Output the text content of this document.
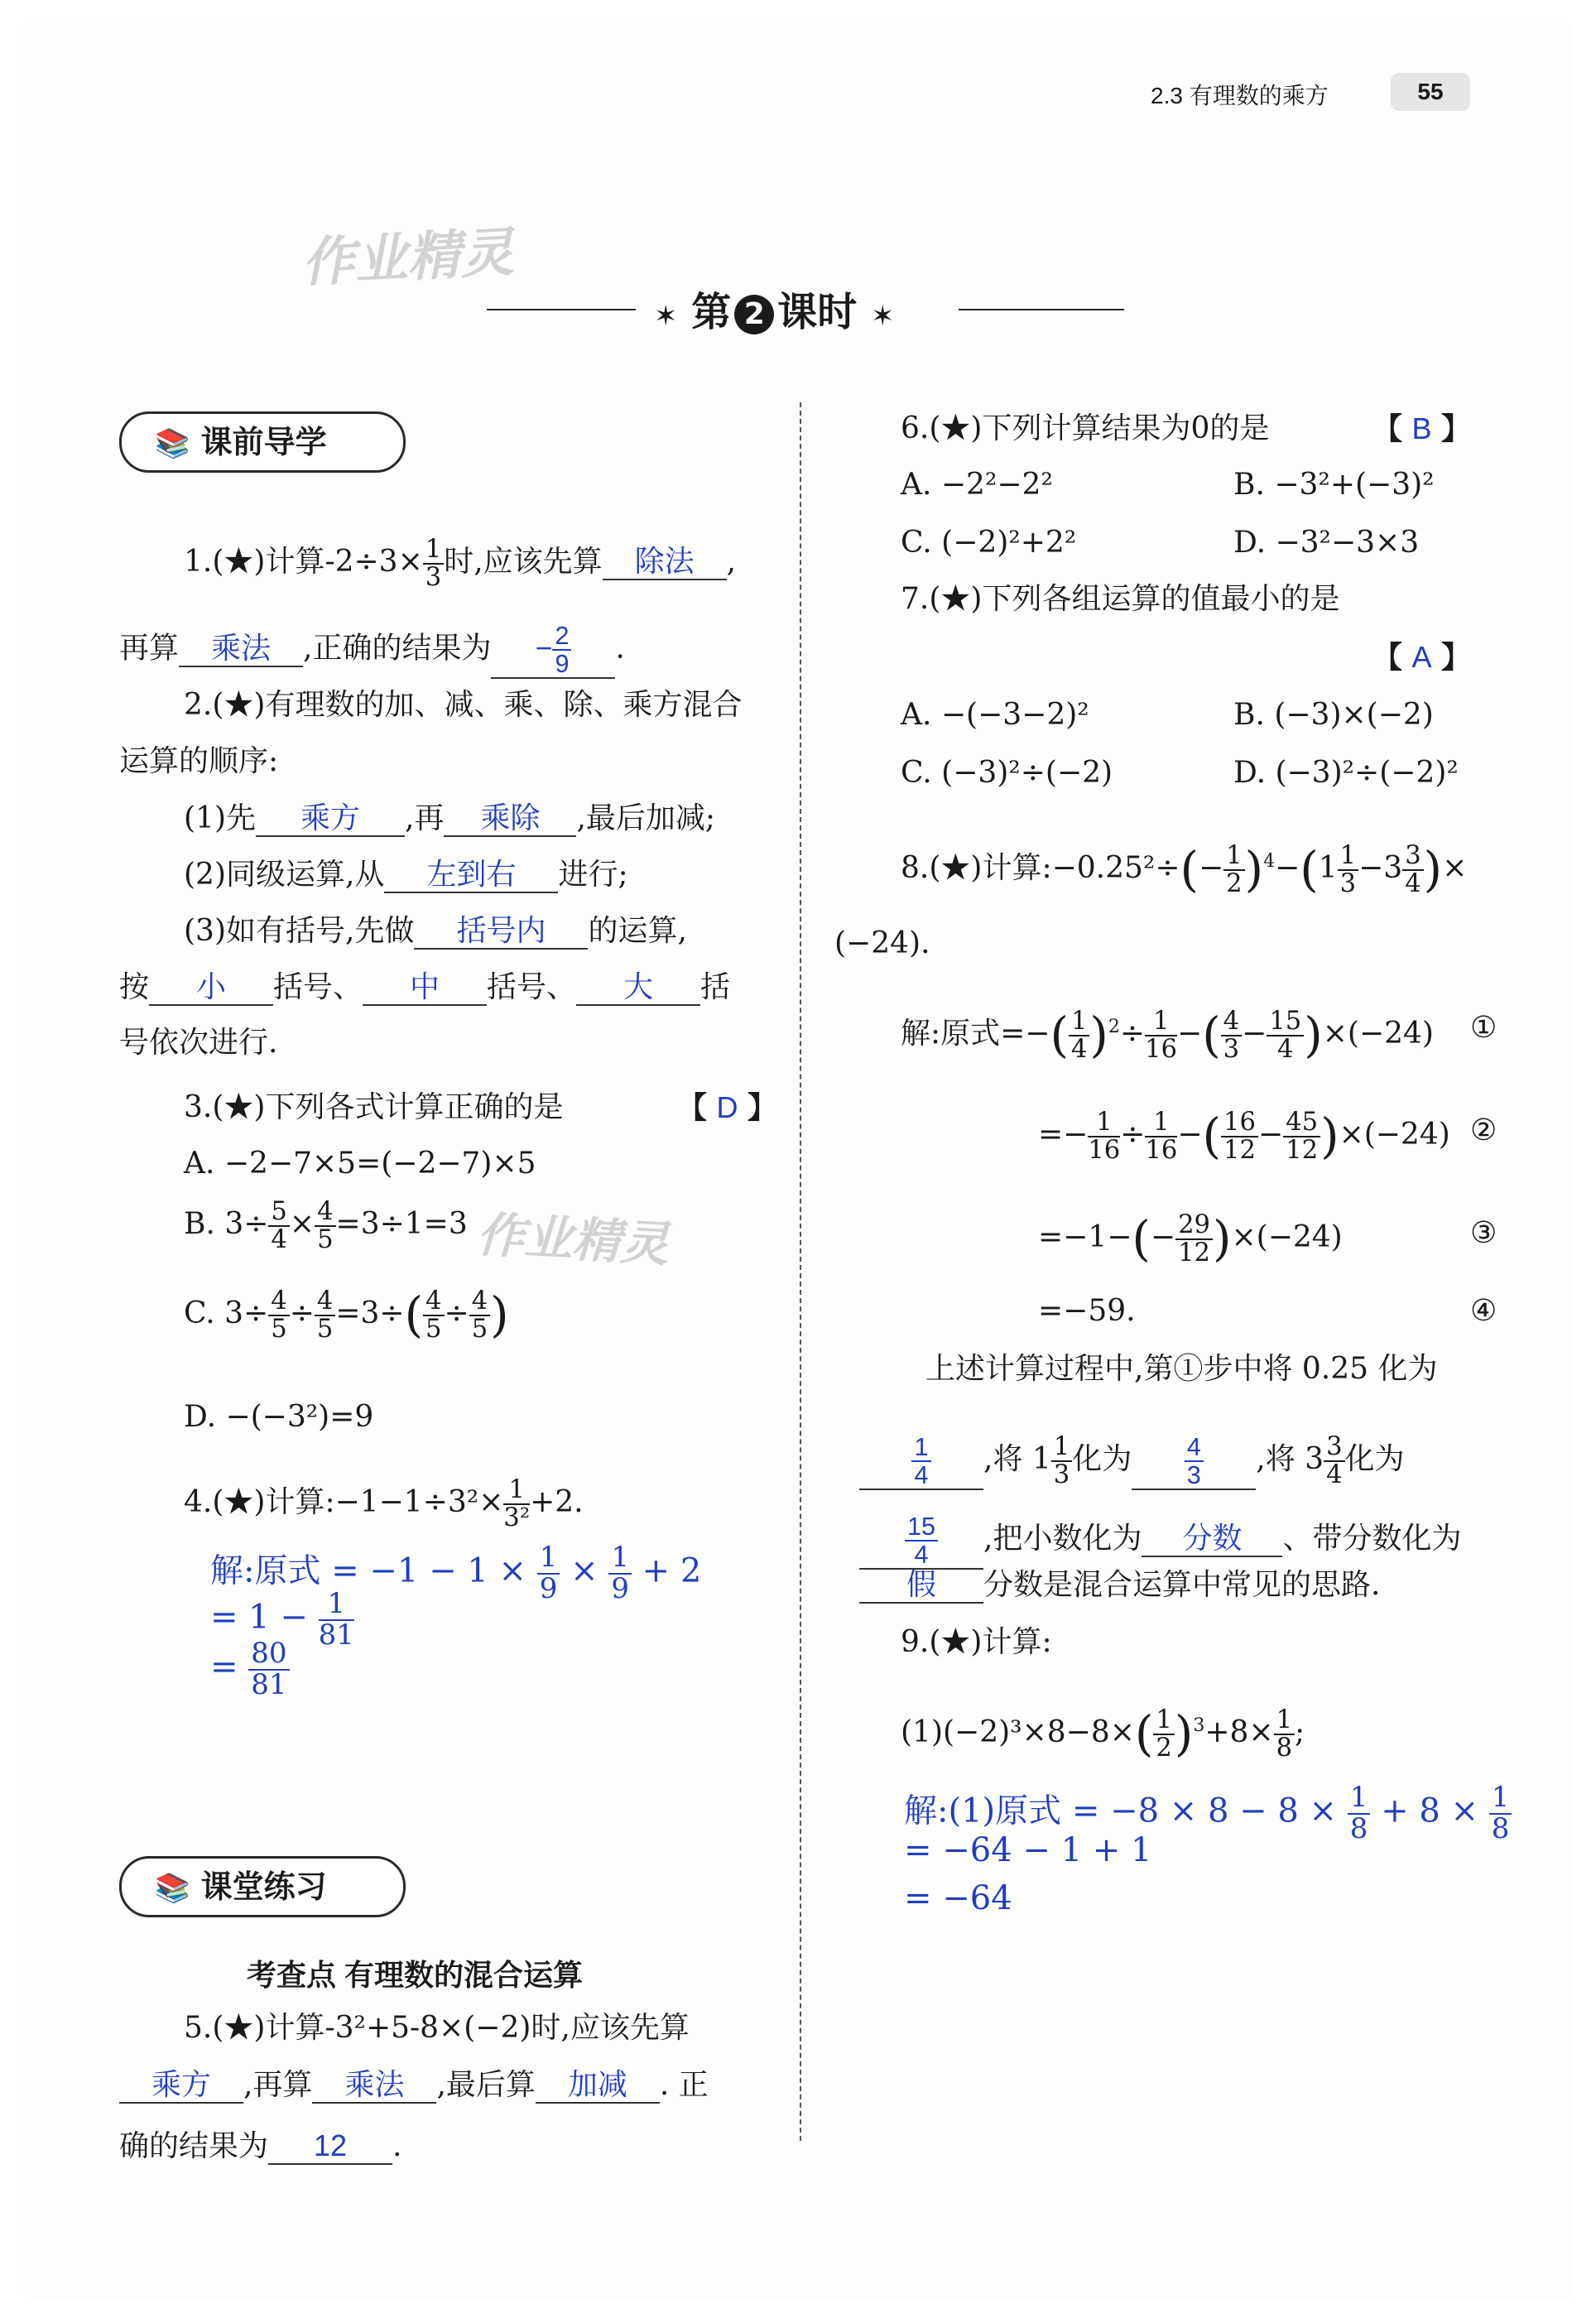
2.3 有理数的乘方	55
作业精灵
✶ 第 2 课时 ✶
📚 课前导学
1.(★)计算$-2\div 3\times \frac{1}{3}$ 时,应该先算 除法 ,
再算 乘法 ,正确的结果为 − $\frac{2}{9}$ .
2.(★)有理数的加、减、乘、除、乘方混合
运算的顺序:
(1)先 乘方 ,再 乘除 ,最后加减;
(2)同级运算,从 左到右 进行;
(3)如有括号,先做 括号内 的运算,
按 小 括号、 中 括号、 大 括
号依次进行.
3.(★)下列各式计算正确的是	【 D 】
A. −2−7×5=(−2−7)×5
B. $3\div \frac{5}{4} \times \frac{4}{5} =3\div 1=3$ 作业精灵
C. $3\div \frac{4}{5} \div \frac{4}{5} =3\div( \frac{4}{5} \div \frac{4}{5}$ )
D. −(−3²)=9
4.(★)计算:−1−1÷3²× $\frac{1}{\text{3²}} +2$.
解:原式 = $-1 - 1 \times \frac{1}{9} \times \frac{1}{9} + 2$
= $1 - \frac{1}{81}$
= $\frac{80}{81}$
📚 课堂练习
考查点 有理数的混合运算
5.(★)计算-3²+5-8×(−2)时,应该先算
乘方 ,再算 乘法 ,最后算 加减 . 正
确的结果为 12 .
6.(★)下列计算结果为0的是	【 B 】
A. −2²−2²	B. −3²+(−3)²
C. (−2)²+2²	D. −3²−3×3
7.(★)下列各组运算的值最小的是
【 A 】
A. −(−3−2)²	B. (−3)×(−2)
C. (−3)²÷(−2)	D. (−3)²÷(−2)²
8.(★)计算:−0.25²÷(− $\frac{1}{2} )^4-(1 \frac{1}{3} -3 \frac{3}{4}$ )×
(−24).
解:原式=−( $\frac{1}{4} )^2\div \frac{1}{16}$ −( $\frac{4}{3} - \frac{15}{4} )\times(-24)$ ①
=− $\frac{1}{16} \div \frac{1}{16}$ −( $\frac{16}{12} - \frac{45}{12} )\times(-24)$ ②
$=-1-(- \frac{29}{12} )\times(-24)$	③
=−59.	④
上述计算过程中,第①步中将 0.25 化为
$\frac{1}{4}$ ,将 $1 \frac{1}{3}$ 化为 $\frac{4}{3}$ ,将 $3 \frac{3}{4}$ 化为
$\frac{15}{4}$ ,把小数化为 分数 、带分数化为
假 分数是混合运算中常见的思路.
9.(★)计算:
$(1)(-2)^3\times 8-8\times( \frac{1}{2} )^3+8\times \frac{1}{8}$ ;
解:(1)原式 = $-8 \times 8 - 8 \times \frac{1}{8} + 8 \times \frac{1}{8}$
= −64 − 1 + 1
= −64
